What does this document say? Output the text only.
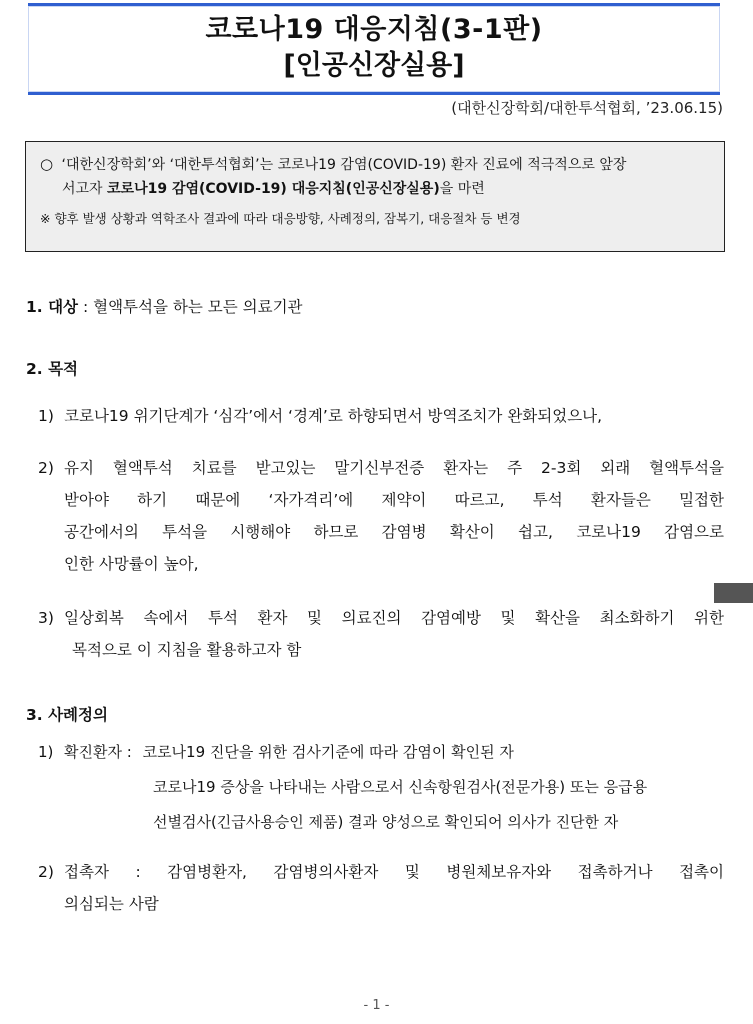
코로나19 대응지침(3-1판)
[인공신장실용]
(대한신장학회/대한투석협회, ’23.06.15)
○ ‘대한신장학회’와 ‘대한투석협회’는 코로나19 감염(COVID-19) 환자 진료에 적극적으로 앞장
서고자 코로나19 감염(COVID-19) 대응지침(인공신장실용)을 마련
※ 향후 발생 상황과 역학조사 결과에 따라 대응방향, 사례정의, 잠복기, 대응절차 등 변경
1. 대상 : 혈액투석을 하는 모든 의료기관
2. 목적
1) 코로나19 위기단계가 ‘심각’에서 ‘경계’로 하향되면서 방역조치가 완화되었으나,
2) 유지 혈액투석 치료를 받고있는 말기신부전증 환자는 주 2-3회 외래 혈액투석을
받아야 하기 때문에 ‘자가격리’에 제약이 따르고, 투석 환자들은 밀접한
공간에서의 투석을 시행해야 하므로 감염병 확산이 쉽고, 코로나19 감염으로
인한 사망률이 높아,
3) 일상회복 속에서 투석 환자 및 의료진의 감염예방 및 확산을 최소화하기 위한
목적으로 이 지침을 활용하고자 함
3. 사례정의
1) 확진환자 : 코로나19 진단을 위한 검사기준에 따라 감염이 확인된 자
코로나19 증상을 나타내는 사람으로서 신속항원검사(전문가용) 또는 응급용
선별검사(긴급사용승인 제품) 결과 양성으로 확인되어 의사가 진단한 자
2) 접촉자 : 감염병환자, 감염병의사환자 및 병원체보유자와 접촉하거나 접촉이
의심되는 사람
- 1 -
